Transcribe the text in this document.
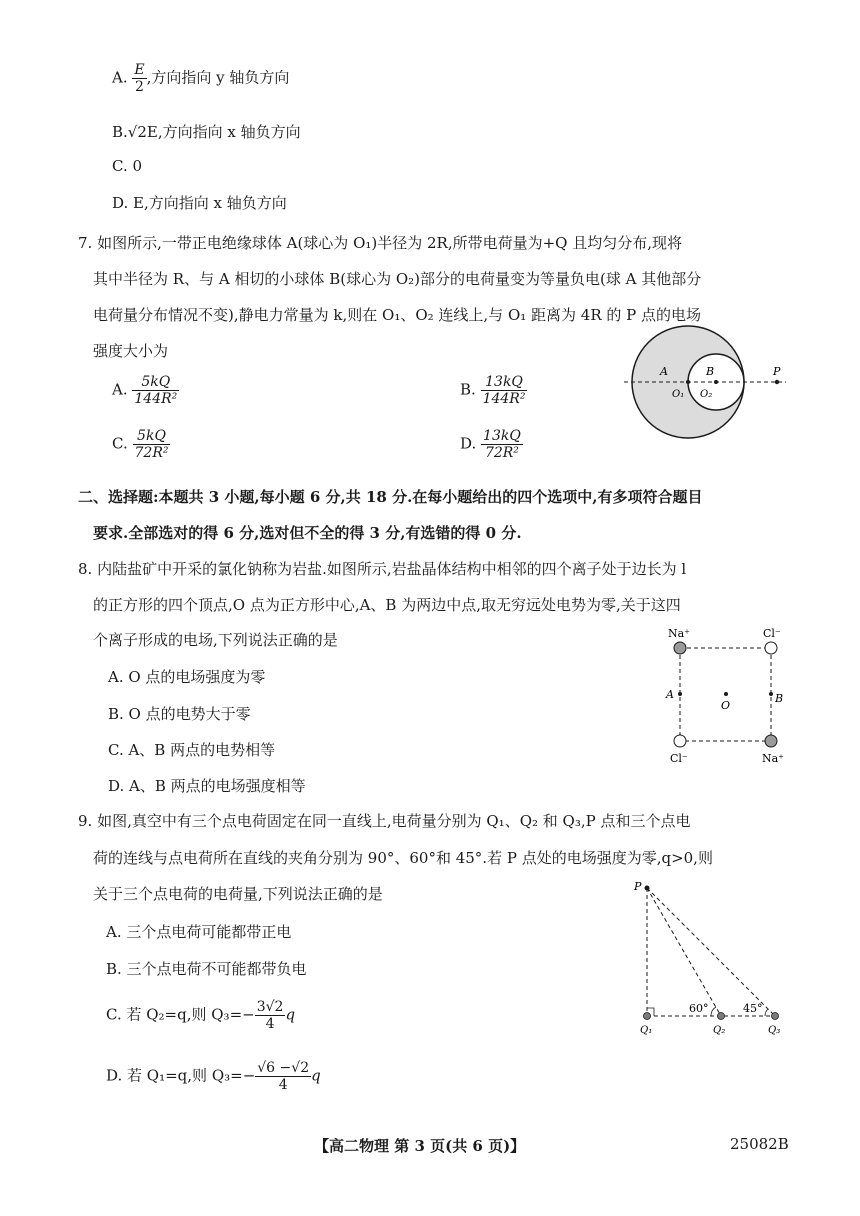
A. $\frac{E}{2}$ ,方向指向 y 轴负方向
B.√2E,方向指向 x 轴负方向
C. 0
D. E,方向指向 x 轴负方向
7. 如图所示,一带正电绝缘球体 A(球心为 O₁)半径为 2R,所带电荷量为+Q 且均匀分布,现将
其中半径为 R、与 A 相切的小球体 B(球心为 O₂)部分的电荷量变为等量负电(球 A 其他部分
电荷量分布情况不变),静电力常量为 k,则在 O₁、O₂ 连线上,与 O₁ 距离为 4R 的 P 点的电场
强度大小为
A. $\frac{5kQ}{\text{144R²}}$	B. $\frac{13kQ}{\text{144R²}}$
C. $\frac{5kQ}{\text{72R²}}$	D. $\frac{13kQ}{\text{72R²}}$
A	B
O₁ O₂
P
二、选择题:本题共 3 小题,每小题 6 分,共 18 分.在每小题给出的四个选项中,有多项符合题目
要求.全部选对的得 6 分,选对但不全的得 3 分,有选错的得 0 分.
8. 内陆盐矿中开采的氯化钠称为岩盐.如图所示,岩盐晶体结构中相邻的四个离子处于边长为 l
的正方形的四个顶点,O 点为正方形中心,A、B 为两边中点,取无穷远处电势为零,关于这四
个离子形成的电场,下列说法正确的是
A. O 点的电场强度为零
B. O 点的电势大于零
C. A、B 两点的电势相等
D. A、B 两点的电场强度相等
Na⁺	Cl⁻
Cl⁻	Na⁺
A	B
O
9. 如图,真空中有三个点电荷固定在同一直线上,电荷量分别为 Q₁、Q₂ 和 Q₃,P 点和三个点电
荷的连线与点电荷所在直线的夹角分别为 90°、60°和 45°.若 P 点处的电场强度为零,q>0,则
关于三个点电荷的电荷量,下列说法正确的是
A. 三个点电荷可能都带正电
B. 三个点电荷不可能都带负电
C. 若 Q₂=q,则 $Q_3=- \frac{3√2}{4}$ q
D. 若 Q₁=q,则 $Q_3=- \frac{√6 -√2}{4}$ q
P
Q₁	Q₂	Q₃
60°	45°
【高二物理 第 3 页(共 6 页)】	25082B
